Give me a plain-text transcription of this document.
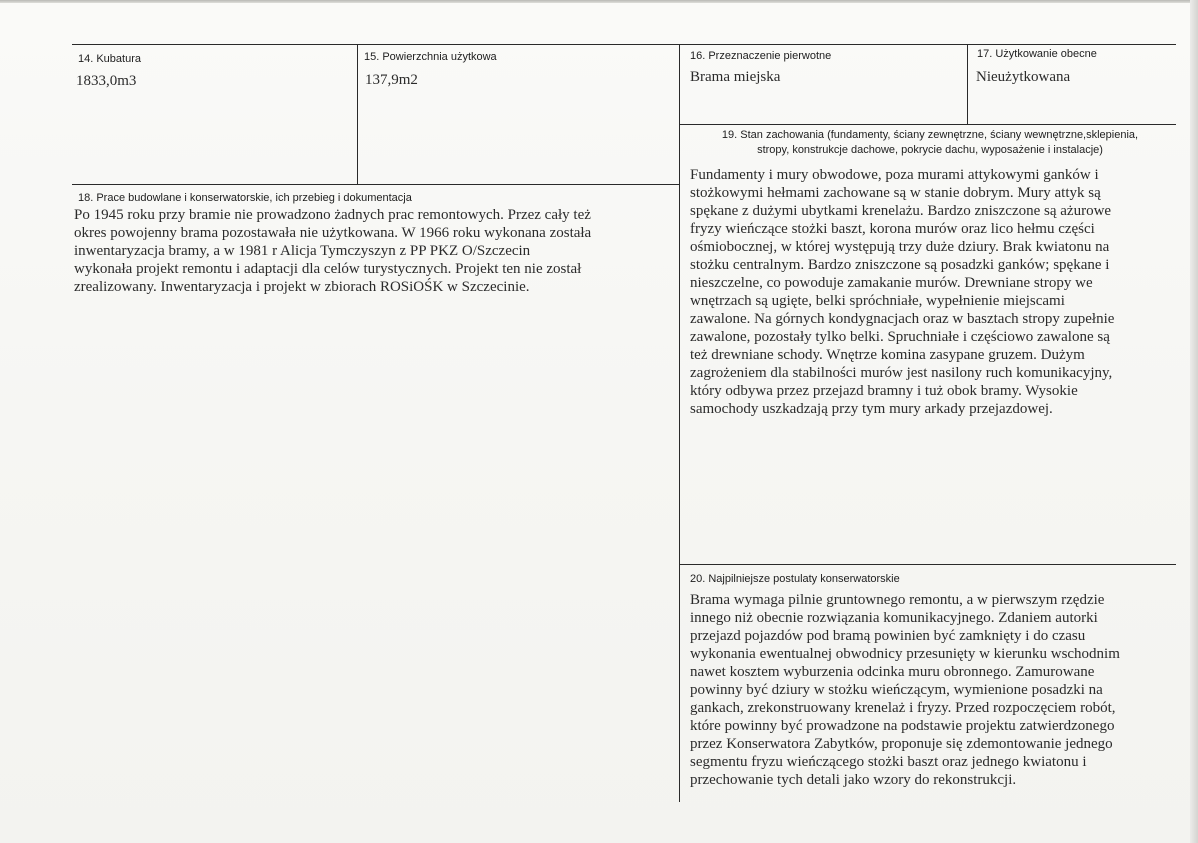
14. Kubatura
1833,0m3
15. Powierzchnia użytkowa
137,9m2
16. Przeznaczenie pierwotne
Brama miejska
17. Użytkowanie obecne
Nieużytkowana
18. Prace budowlane i konserwatorskie, ich przebieg i dokumentacja
Po 1945 roku przy bramie nie prowadzono żadnych prac remontowych. Przez cały też
okres powojenny brama pozostawała nie użytkowana. W 1966 roku wykonana została
inwentaryzacja bramy, a w 1981 r Alicja Tymczyszyn z PP PKZ O/Szczecin
wykonała projekt remontu i adaptacji dla celów turystycznych. Projekt ten nie został
zrealizowany. Inwentaryzacja i projekt w zbiorach ROSiOŚK w Szczecinie.
19. Stan zachowania (fundamenty, ściany zewnętrzne, ściany wewnętrzne,sklepienia,
stropy, konstrukcje dachowe, pokrycie dachu, wyposażenie i instalacje)
Fundamenty i mury obwodowe, poza murami attykowymi ganków i
stożkowymi hełmami zachowane są w stanie dobrym. Mury attyk są
spękane z dużymi ubytkami krenelażu. Bardzo zniszczone są ażurowe
fryzy wieńczące stożki baszt, korona murów oraz lico hełmu części
ośmiobocznej, w której występują trzy duże dziury. Brak kwiatonu na
stożku centralnym. Bardzo zniszczone są posadzki ganków; spękane i
nieszczelne, co powoduje zamakanie murów. Drewniane stropy we
wnętrzach są ugięte, belki spróchniałe, wypełnienie miejscami
zawalone. Na górnych kondygnacjach oraz w basztach stropy zupełnie
zawalone, pozostały tylko belki. Spruchniałe i częściowo zawalone są
też drewniane schody. Wnętrze komina zasypane gruzem. Dużym
zagrożeniem dla stabilności murów jest nasilony ruch komunikacyjny,
który odbywa przez przejazd bramny i tuż obok bramy. Wysokie
samochody uszkadzają przy tym mury arkady przejazdowej.
20. Najpilniejsze postulaty konserwatorskie
Brama wymaga pilnie gruntownego remontu, a w pierwszym rzędzie
innego niż obecnie rozwiązania komunikacyjnego. Zdaniem autorki
przejazd pojazdów pod bramą powinien być zamknięty i do czasu
wykonania ewentualnej obwodnicy przesunięty w kierunku wschodnim
nawet kosztem wyburzenia odcinka muru obronnego. Zamurowane
powinny być dziury w stożku wieńczącym, wymienione posadzki na
gankach, zrekonstruowany krenelaż i fryzy. Przed rozpoczęciem robót,
które powinny być prowadzone na podstawie projektu zatwierdzonego
przez Konserwatora Zabytków, proponuje się zdemontowanie jednego
segmentu fryzu wieńczącego stożki baszt oraz jednego kwiatonu i
przechowanie tych detali jako wzory do rekonstrukcji.
